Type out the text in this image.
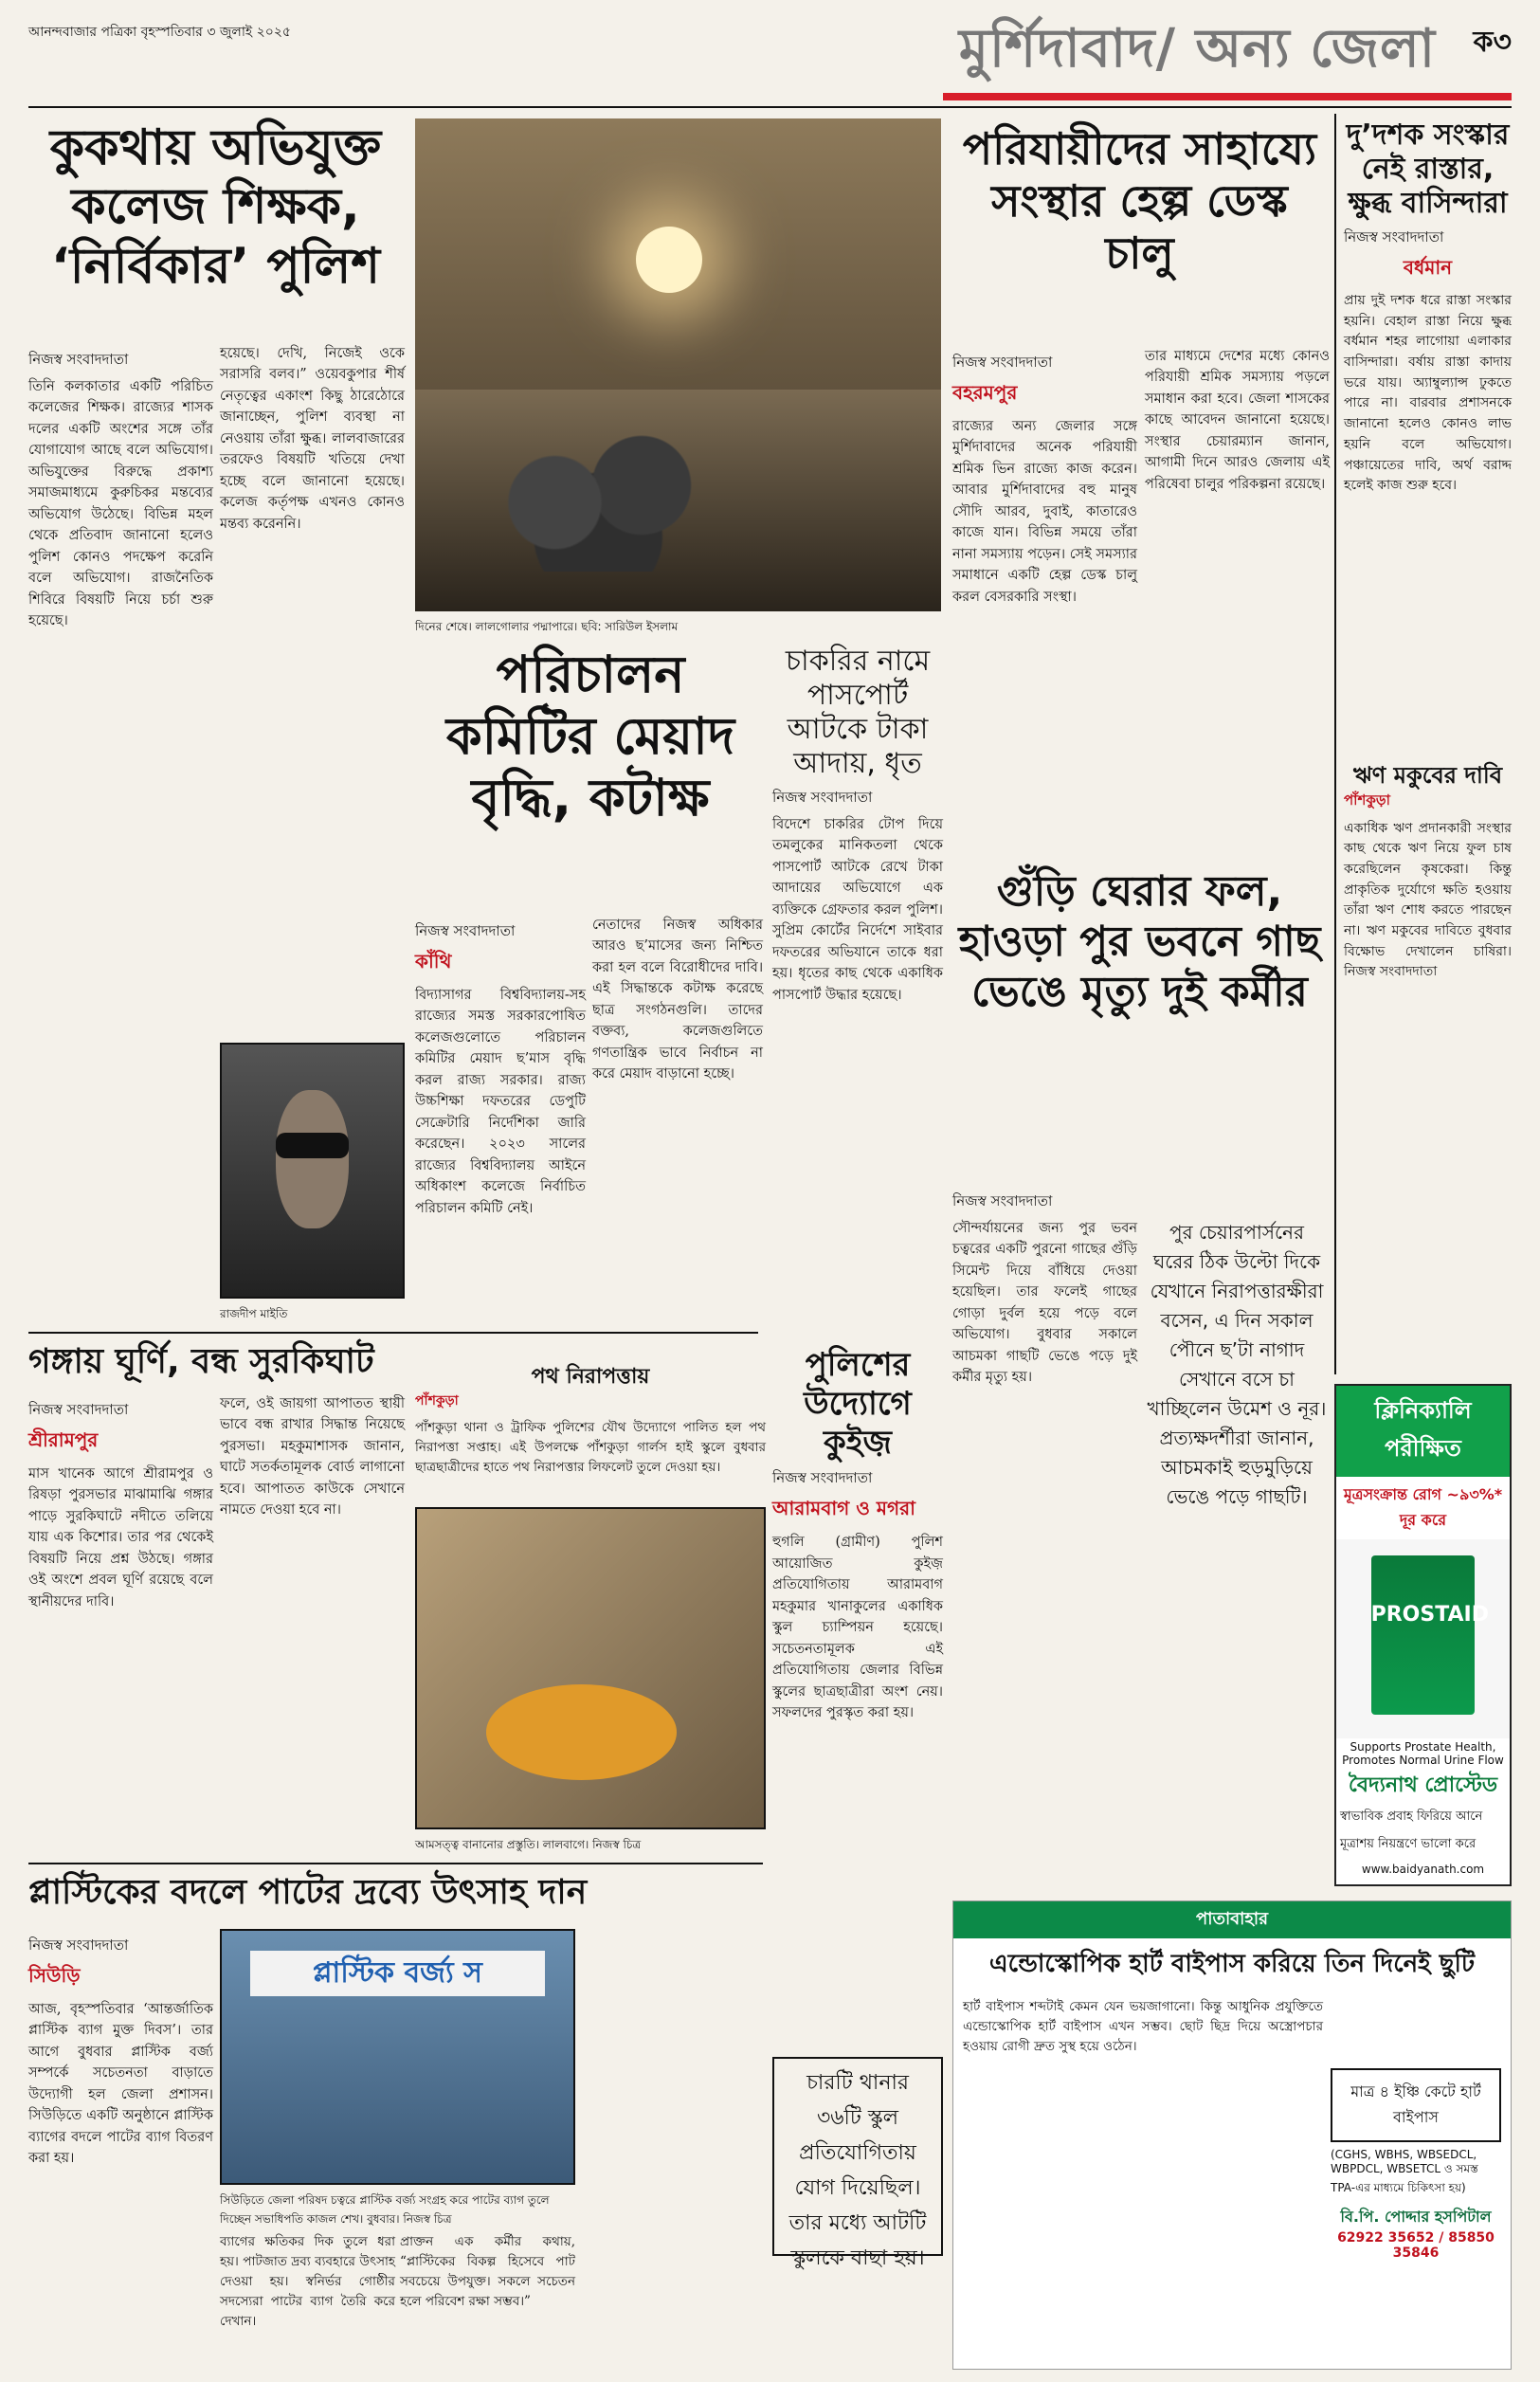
আনন্দবাজার পত্রিকা বৃহস্পতিবার ৩ জুলাই ২০২৫	মুর্শিদাবাদ/ অন্য জেলা ক৩
কুকথায় অভিযুক্ত কলেজ শিক্ষক, ‘নির্বিকার’ পুলিশ
নিজস্ব সংবাদদাতা
তিনি কলকাতার একটি পরিচিত কলেজের শিক্ষক। রাজ্যের শাসক দলের একটি অংশের সঙ্গে তাঁর যোগাযোগ আছে বলে অভিযোগ। অভিযুক্তের বিরুদ্ধে প্রকাশ্য সমাজমাধ্যমে কুরুচিকর মন্তব্যের অভিযোগ উঠেছে। বিভিন্ন মহল থেকে প্রতিবাদ জানানো হলেও পুলিশ কোনও পদক্ষেপ করেনি বলে অভিযোগ। রাজনৈতিক শিবিরে বিষয়টি নিয়ে চর্চা শুরু হয়েছে।
হয়েছে। দেখি, নিজেই ওকে সরাসরি বলব।” ওয়েবকুপার শীর্ষ নেতৃত্বের একাংশ কিছু ঠারেঠোরে জানাচ্ছেন, পুলিশ ব্যবস্থা না নেওয়ায় তাঁরা ক্ষুব্ধ। লালবাজারের তরফেও বিষয়টি খতিয়ে দেখা হচ্ছে বলে জানানো হয়েছে। কলেজ কর্তৃপক্ষ এখনও কোনও মন্তব্য করেননি।
রাজদীপ মাইতি
দিনের শেষে। লালগোলার পদ্মাপারে। ছবি: সারিউল ইসলাম
পরিযায়ীদের সাহায্যে সংস্থার হেল্প ডেস্ক চালু
নিজস্ব সংবাদদাতা
বহরমপুর
রাজ্যের অন্য জেলার সঙ্গে মুর্শিদাবাদের অনেক পরিযায়ী শ্রমিক ভিন রাজ্যে কাজ করেন। আবার মুর্শিদাবাদের বহু মানুষ সৌদি আরব, দুবাই, কাতারেও কাজে যান। বিভিন্ন সময়ে তাঁরা নানা সমস্যায় পড়েন। সেই সমস্যার সমাধানে একটি হেল্প ডেস্ক চালু করল বেসরকারি সংস্থা।
তার মাধ্যমে দেশের মধ্যে কোনও পরিযায়ী শ্রমিক সমস্যায় পড়লে সমাধান করা হবে। জেলা শাসকের কাছে আবেদন জানানো হয়েছে। সংস্থার চেয়ারম্যান জানান, আগামী দিনে আরও জেলায় এই পরিষেবা চালুর পরিকল্পনা রয়েছে।
দু’দশক সংস্কার নেই রাস্তার, ক্ষুব্ধ বাসিন্দারা
নিজস্ব সংবাদদাতা
বর্ধমান
প্রায় দুই দশক ধরে রাস্তা সংস্কার হয়নি। বেহাল রাস্তা নিয়ে ক্ষুব্ধ বর্ধমান শহর লাগোয়া এলাকার বাসিন্দারা। বর্ষায় রাস্তা কাদায় ভরে যায়। অ্যাম্বুল্যান্স ঢুকতে পারে না। বারবার প্রশাসনকে জানানো হলেও কোনও লাভ হয়নি বলে অভিযোগ। পঞ্চায়েতের দাবি, অর্থ বরাদ্দ হলেই কাজ শুরু হবে।
ঋণ মকুবের দাবি
পাঁশকুড়া
একাধিক ঋণ প্রদানকারী সংস্থার কাছ থেকে ঋণ নিয়ে ফুল চাষ করেছিলেন কৃষকেরা। কিন্তু প্রাকৃতিক দুর্যোগে ক্ষতি হওয়ায় তাঁরা ঋণ শোধ করতে পারছেন না। ঋণ মকুবের দাবিতে বুধবার বিক্ষোভ দেখালেন চাষিরা। নিজস্ব সংবাদদাতা
পরিচালন কমিটির মেয়াদ বৃদ্ধি, কটাক্ষ
নিজস্ব সংবাদদাতা
কাঁথি
বিদ্যাসাগর বিশ্ববিদ্যালয়-সহ রাজ্যের সমস্ত সরকারপোষিত কলেজগুলোতে পরিচালন কমিটির মেয়াদ ছ’মাস বৃদ্ধি করল রাজ্য সরকার। রাজ্য উচ্চশিক্ষা দফতরের ডেপুটি সেক্রেটারি নির্দেশিকা জারি করেছেন। ২০২৩ সালের রাজ্যের বিশ্ববিদ্যালয় আইনে অধিকাংশ কলেজে নির্বাচিত পরিচালন কমিটি নেই।
নেতাদের নিজস্ব অধিকার আরও ছ’মাসের জন্য নিশ্চিত করা হল বলে বিরোধীদের দাবি। এই সিদ্ধান্তকে কটাক্ষ করেছে ছাত্র সংগঠনগুলি। তাদের বক্তব্য, কলেজগুলিতে গণতান্ত্রিক ভাবে নির্বাচন না করে মেয়াদ বাড়ানো হচ্ছে।
চাকরির নামে পাসপোর্ট আটকে টাকা আদায়, ধৃত
নিজস্ব সংবাদদাতা
বিদেশে চাকরির টোপ দিয়ে তমলুকের মানিকতলা থেকে পাসপোর্ট আটকে রেখে টাকা আদায়ের অভিযোগে এক ব্যক্তিকে গ্রেফতার করল পুলিশ। সুপ্রিম কোর্টের নির্দেশে সাইবার দফতরের অভিযানে তাকে ধরা হয়। ধৃতের কাছ থেকে একাধিক পাসপোর্ট উদ্ধার হয়েছে।
গুঁড়ি ঘেরার ফল, হাওড়া পুর ভবনে গাছ ভেঙে মৃত্যু দুই কর্মীর
নিজস্ব সংবাদদাতা
সৌন্দর্যায়নের জন্য পুর ভবন চত্বরের একটি পুরনো গাছের গুঁড়ি সিমেন্ট দিয়ে বাঁধিয়ে দেওয়া হয়েছিল। তার ফলেই গাছের গোড়া দুর্বল হয়ে পড়ে বলে অভিযোগ। বুধবার সকালে আচমকা গাছটি ভেঙে পড়ে দুই কর্মীর মৃত্যু হয়।
পুর চেয়ারপার্সনের ঘরের ঠিক উল্টো দিকে যেখানে নিরাপত্তারক্ষীরা বসেন, এ দিন সকাল পৌনে ছ’টা নাগাদ সেখানে বসে চা খাচ্ছিলেন উমেশ ও নূর। প্রত্যক্ষদর্শীরা জানান, আচমকাই হুড়মুড়িয়ে ভেঙে পড়ে গাছটি।
পুলিশের উদ্যোগে কুইজ়
নিজস্ব সংবাদদাতা
আরামবাগ ও মগরা
হুগলি (গ্রামীণ) পুলিশ আয়োজিত কুইজ় প্রতিযোগিতায় আরামবাগ মহকুমার খানাকুলের একাধিক স্কুল চ্যাম্পিয়ন হয়েছে। সচেতনতামূলক এই প্রতিযোগিতায় জেলার বিভিন্ন স্কুলের ছাত্রছাত্রীরা অংশ নেয়। সফলদের পুরস্কৃত করা হয়।
চারটি থানার ৩৬টি স্কুল প্রতিযোগিতায় যোগ দিয়েছিল। তার মধ্যে আটটি স্কুলকে বাছা হয়।
গঙ্গায় ঘূর্ণি, বন্ধ সুরকিঘাট
নিজস্ব সংবাদদাতা
শ্রীরামপুর
মাস খানেক আগে শ্রীরামপুর ও রিষড়া পুরসভার মাঝামাঝি গঙ্গার পাড়ে সুরকিঘাটে নদীতে তলিয়ে যায় এক কিশোর। তার পর থেকেই বিষয়টি নিয়ে প্রশ্ন উঠছে। গঙ্গার ওই অংশে প্রবল ঘূর্ণি রয়েছে বলে স্থানীয়দের দাবি।
ফলে, ওই জায়গা আপাতত স্থায়ী ভাবে বন্ধ রাখার সিদ্ধান্ত নিয়েছে পুরসভা। মহকুমাশাসক জানান, ঘাটে সতর্কতামূলক বোর্ড লাগানো হবে। আপাতত কাউকে সেখানে নামতে দেওয়া হবে না।
আমসত্ত্ব বানানোর প্রস্তুতি। লালবাগে। নিজস্ব চিত্র
পথ নিরাপত্তায়
পাঁশকুড়া
পাঁশকুড়া থানা ও ট্রাফিক পুলিশের যৌথ উদ্যোগে পালিত হল পথ নিরাপত্তা সপ্তাহ। এই উপলক্ষে পাঁশকুড়া গার্লস হাই স্কুলে বুধবার ছাত্রছাত্রীদের হাতে পথ নিরাপত্তার লিফলেট তুলে দেওয়া হয়।
প্লাস্টিকের বদলে পাটের দ্রব্যে উৎসাহ দান
নিজস্ব সংবাদদাতা
সিউড়ি
আজ, বৃহস্পতিবার ‘আন্তর্জাতিক প্লাস্টিক ব্যাগ মুক্ত দিবস’। তার আগে বুধবার প্লাস্টিক বর্জ্য সম্পর্কে সচেতনতা বাড়াতে উদ্যোগী হল জেলা প্রশাসন। সিউড়িতে একটি অনুষ্ঠানে প্লাস্টিক ব্যাগের বদলে পাটের ব্যাগ বিতরণ করা হয়।
প্লাস্টিক বর্জ্য স
সিউড়িতে জেলা পরিষদ চত্বরে প্লাস্টিক বর্জ্য সংগ্রহ করে পাটের ব্যাগ তুলে দিচ্ছেন সভাধিপতি কাজল শেখ। বুধবার। নিজস্ব চিত্র
ব্যাগের ক্ষতিকর দিক তুলে ধরা হয়। পাটজাত দ্রব্য ব্যবহারে উৎসাহ দেওয়া হয়। স্বনির্ভর গোষ্ঠীর সদস্যেরা পাটের ব্যাগ তৈরি করে দেখান।
প্রাক্তন এক কর্মীর কথায়, “প্লাস্টিকের বিকল্প হিসেবে পাট সবচেয়ে উপযুক্ত। সকলে সচেতন হলে পরিবেশ রক্ষা সম্ভব।”
ক্লিনিক্যালি পরীক্ষিত
মূত্রসংক্রান্ত রোগ ~৯৩%* দূর করে
PROSTAID
Supports Prostate Health, Promotes Normal Urine Flow
বৈদ্যনাথ প্রোস্টেড
স্বাভাবিক প্রবাহ ফিরিয়ে আনে
মূত্রাশয় নিয়ন্ত্রণে ভালো করে
www.baidyanath.com
পাতাবাহার
এন্ডোস্কোপিক হার্ট বাইপাস করিয়ে তিন দিনেই ছুটি
হার্ট বাইপাস শব্দটাই কেমন যেন ভয়জাগানো। কিন্তু আধুনিক প্রযুক্তিতে এন্ডোস্কোপিক হার্ট বাইপাস এখন সম্ভব। ছোট ছিদ্র দিয়ে অস্ত্রোপচার হওয়ায় রোগী দ্রুত সুস্থ হয়ে ওঠেন।
মাত্র ৪ ইঞ্চি কেটে হার্ট বাইপাস
(CGHS, WBHS, WBSEDCL, WBPDCL, WBSETCL ও সমস্ত TPA-এর মাধ্যমে চিকিৎসা হয়)
বি.পি. পোদ্দার হসপিটাল
62922 35652 / 85850 35846
